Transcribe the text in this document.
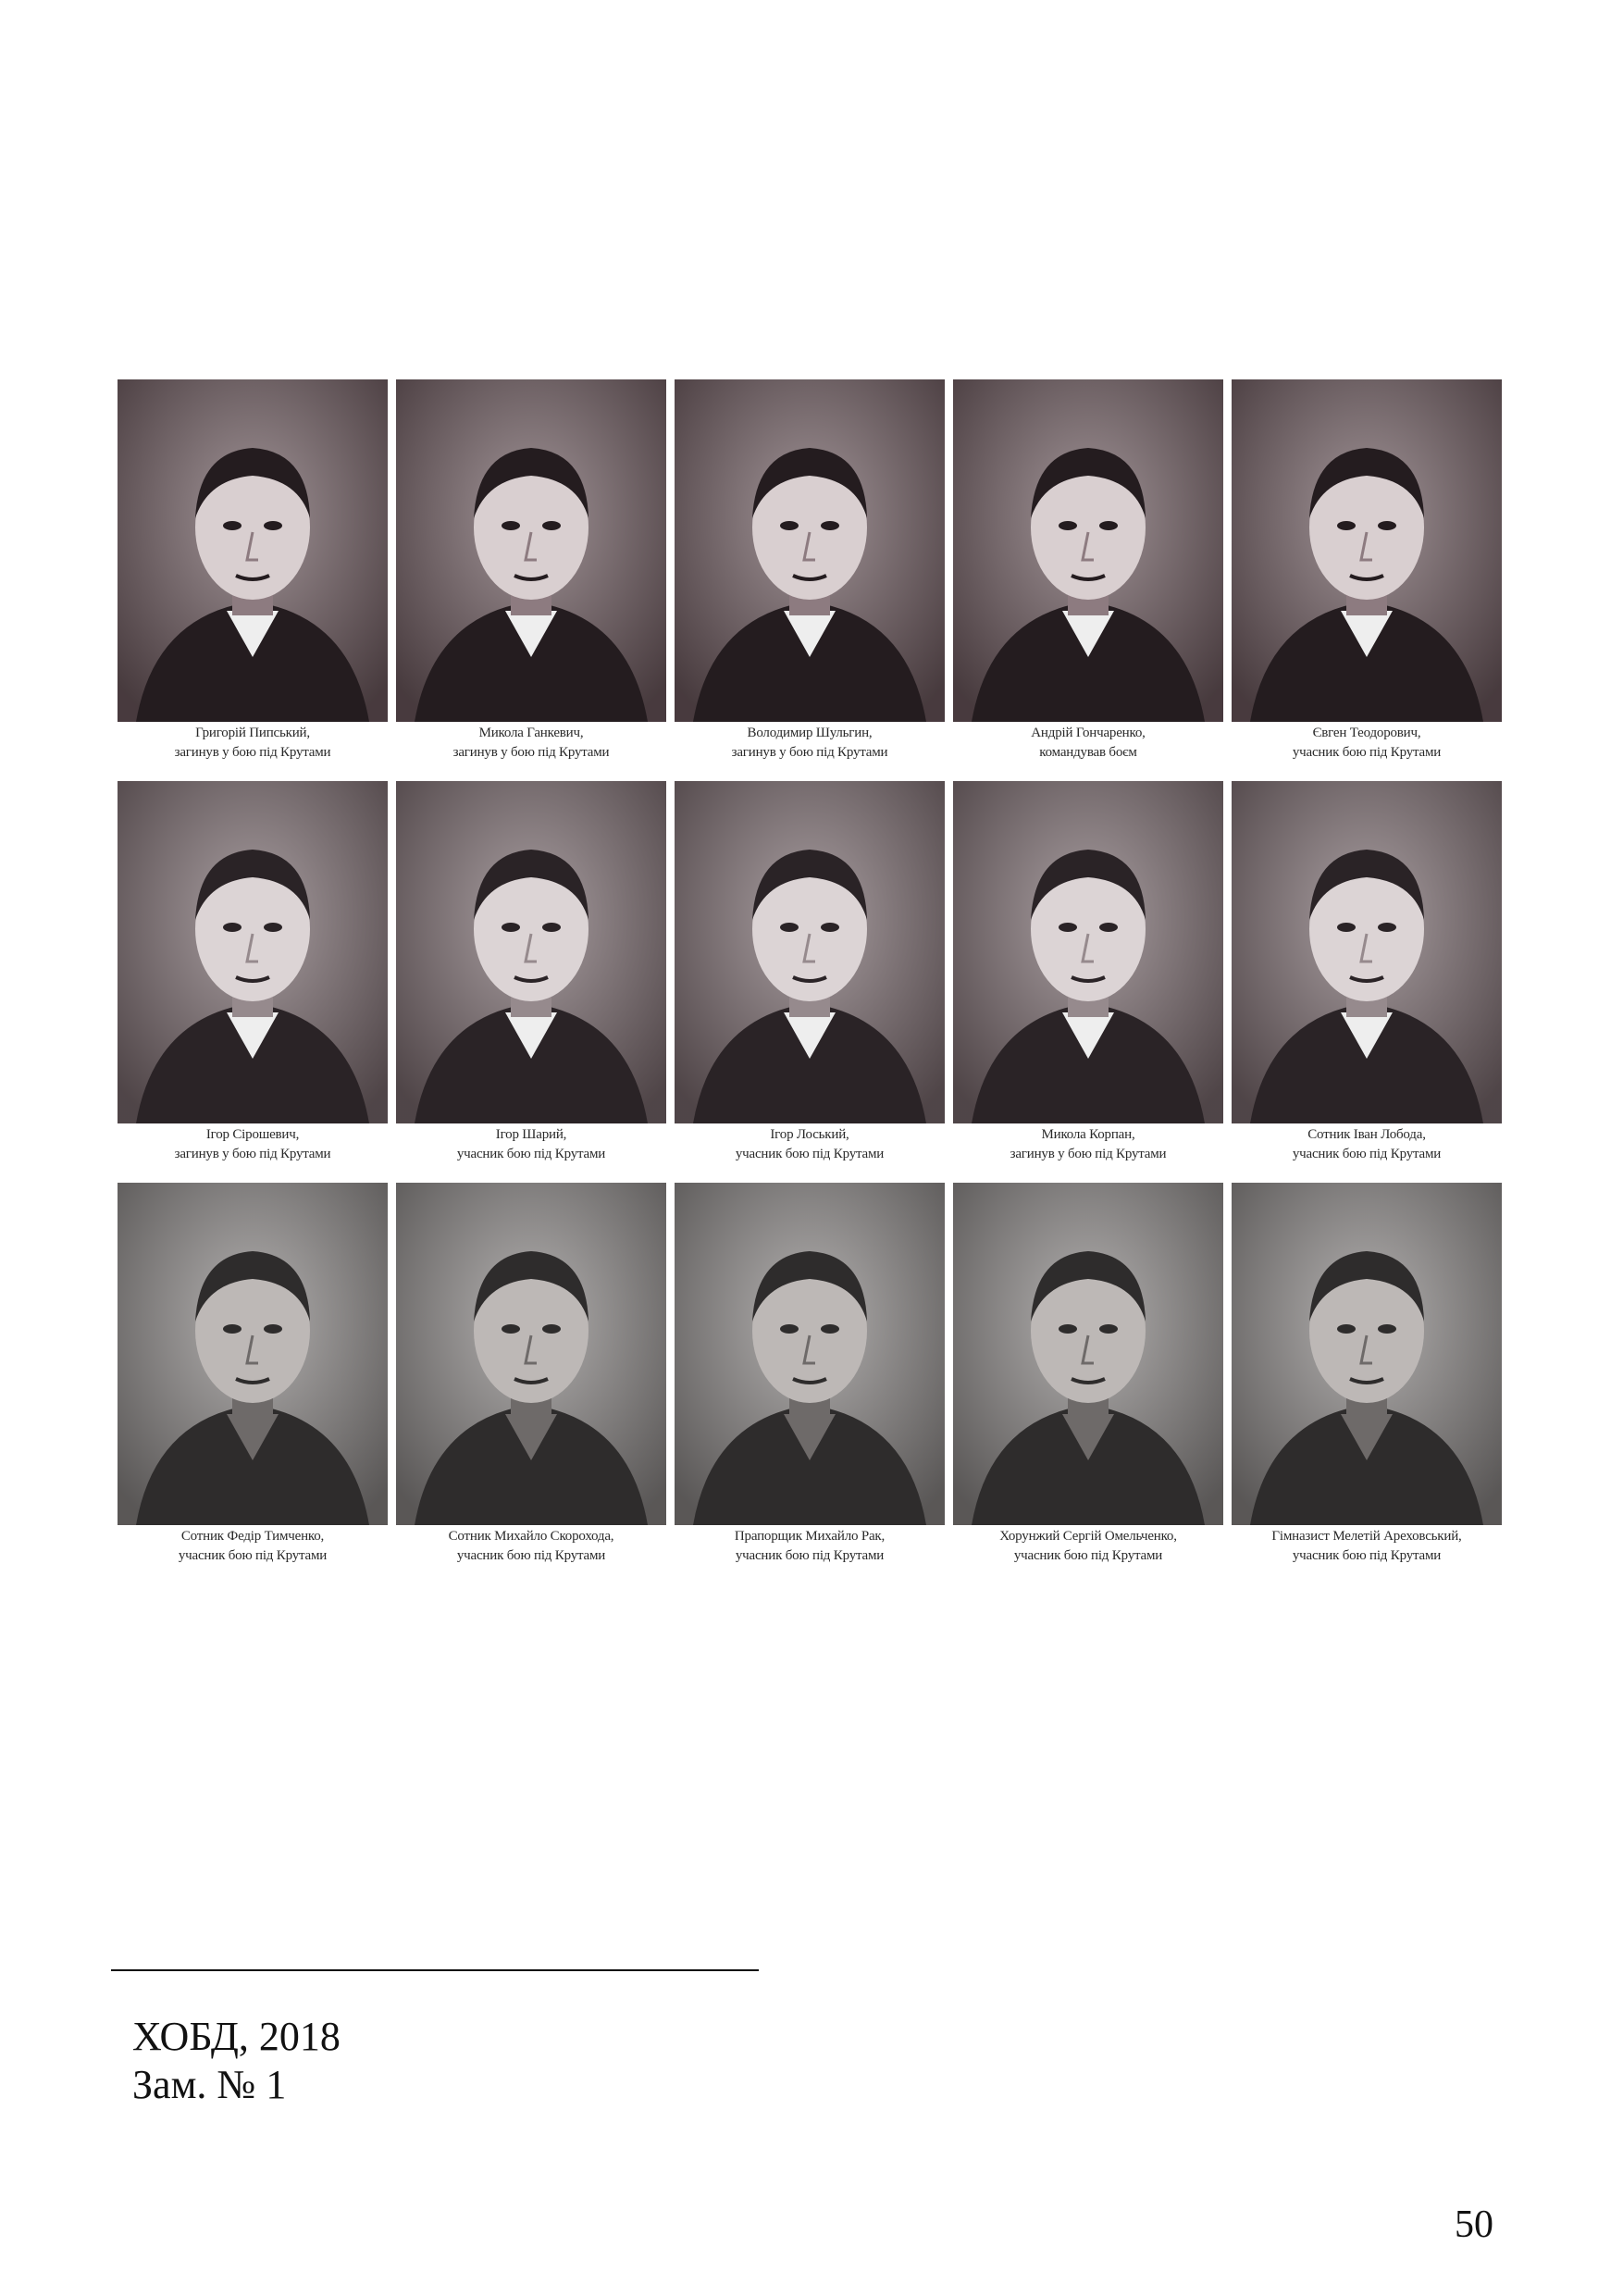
Григорій Пипський,
загинув у бою під Крутами
Микола Ганкевич,
загинув у бою під Крутами
Володимир Шульгин,
загинув у бою під Крутами
Андрій Гончаренко,
командував боєм
Євген Теодорович,
учасник бою під Крутами
Ігор Сірошевич,
загинув у бою під Крутами
Ігор Шарий,
учасник бою під Крутами
Ігор Лоський,
учасник бою під Крутами
Микола Корпан,
загинув у бою під Крутами
Сотник Іван Лобода,
учасник бою під Крутами
Сотник Федір Тимченко,
учасник бою під Крутами
Сотник Михайло Скорохода,
учасник бою під Крутами
Прапорщик Михайло Рак,
учасник бою під Крутами
Хорунжий Сергій Омельченко,
учасник бою під Крутами
Гімназист Мелетій Ареховський,
учасник бою під Крутами
ХОБД, 2018
Зам. № 1
50
